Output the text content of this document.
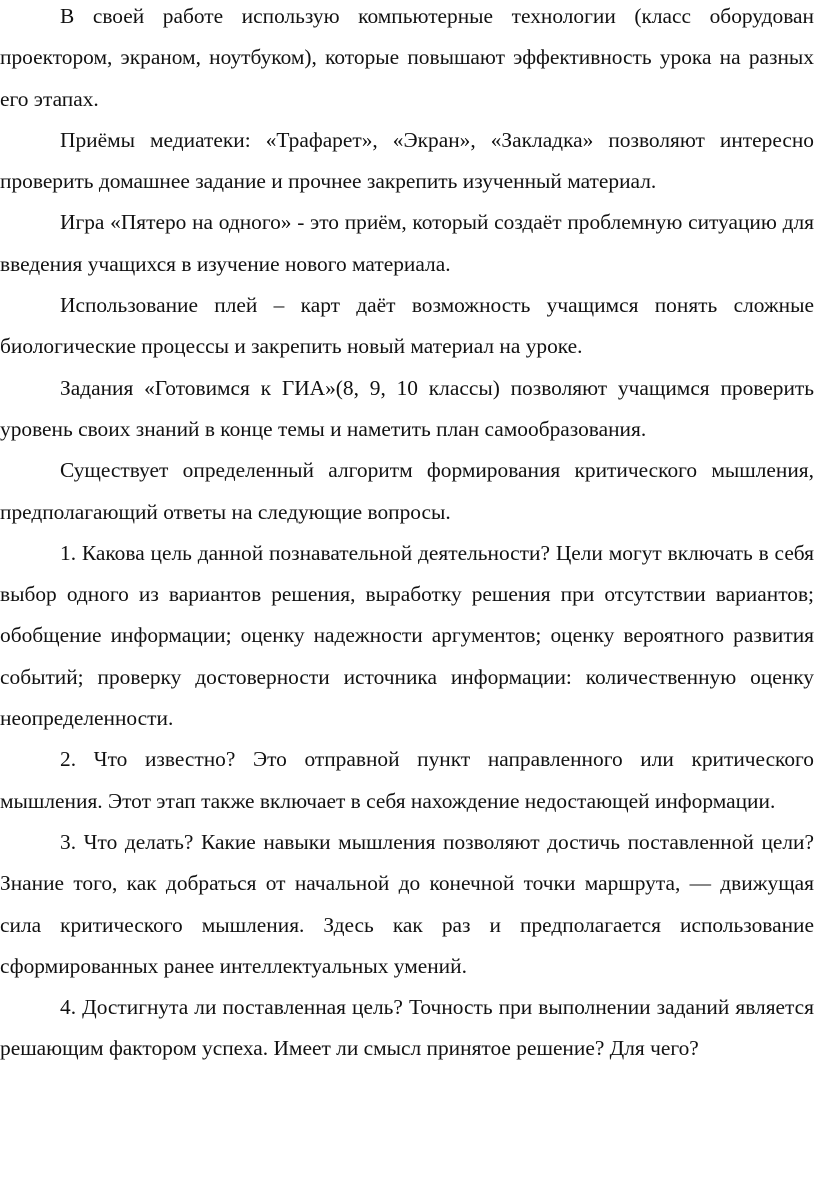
В своей работе использую компьютерные технологии (класс оборудован проектором, экраном, ноутбуком), которые повышают эффективность урока на разных его этапах.

Приёмы медиатеки: «Трафарет», «Экран», «Закладка» позволяют интересно проверить домашнее задание и прочнее закрепить изученный материал.

Игра «Пятеро на одного» - это приём, который создаёт проблемную ситуацию для введения учащихся в изучение нового материала.

Использование плей – карт даёт возможность учащимся понять сложные биологические процессы и закрепить новый материал на уроке.

Задания «Готовимся к ГИА»(8, 9, 10 классы) позволяют учащимся проверить уровень своих знаний в конце темы и наметить план самообразования.

Существует определенный алгоритм формирования критического мышления, предполагающий ответы на следующие вопросы.

1. Какова цель данной познавательной деятельности? Цели могут включать в себя выбор одного из вариантов решения, выработку решения при отсутствии вариантов; обобщение информации; оценку надежности аргументов; оценку вероятного развития событий; проверку достоверности источника информации: количественную оценку неопределенности.

2. Что известно? Это отправной пункт направленного или критического мышления. Этот этап также включает в себя нахождение недостающей информации.

3. Что делать? Какие навыки мышления позволяют достичь поставленной цели? Знание того, как добраться от начальной до конечной точки маршрута, — движущая сила критического мышления. Здесь как раз и предполагается использование сформированных ранее интеллектуальных умений.

4. Достигнута ли поставленная цель? Точность при выполнении заданий является решающим фактором успеха. Имеет ли смысл принятое решение? Для чего?
